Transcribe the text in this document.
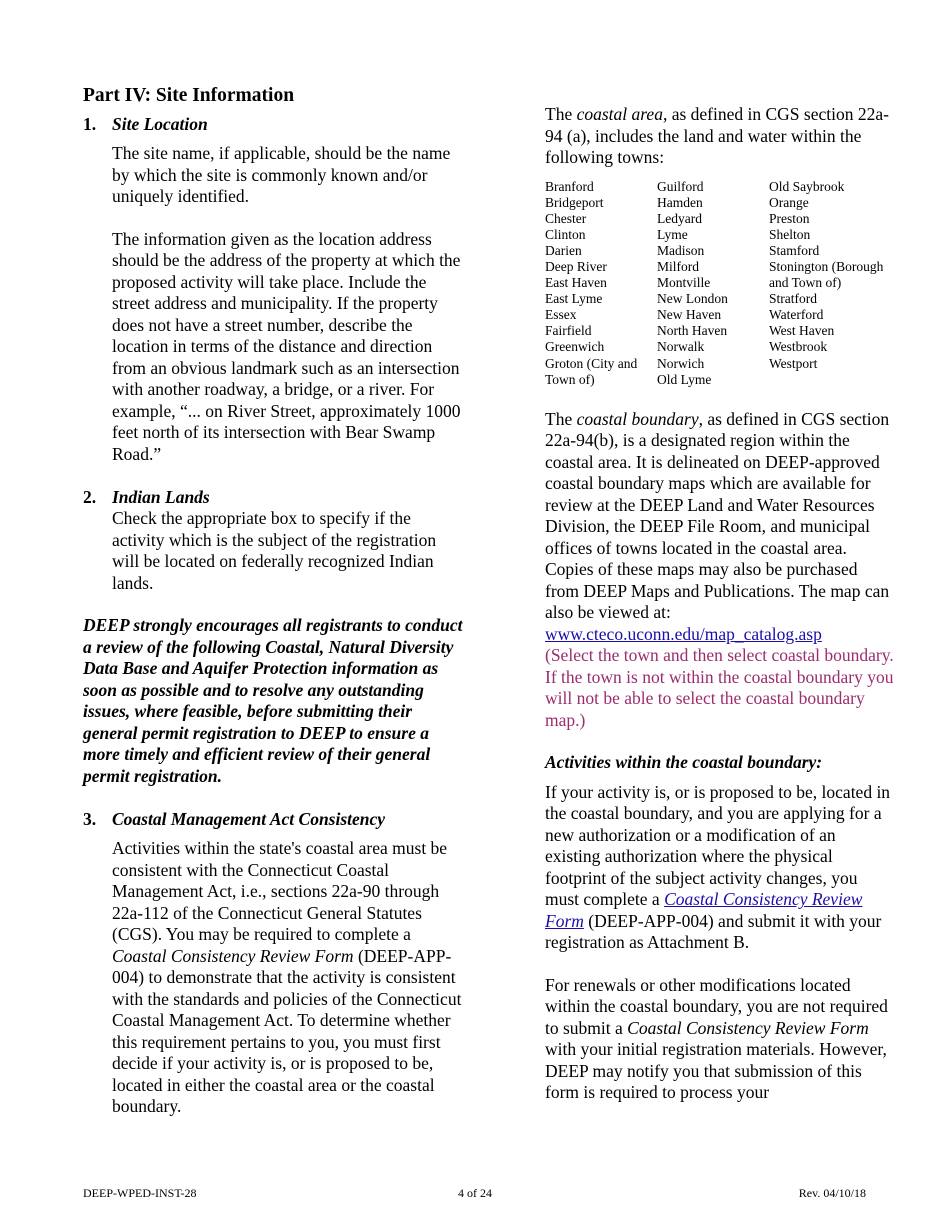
Part IV: Site Information
1. Site Location

The site name, if applicable, should be the name by which the site is commonly known and/or uniquely identified.

The information given as the location address should be the address of the property at which the proposed activity will take place. Include the street address and municipality. If the property does not have a street number, describe the location in terms of the distance and direction from an obvious landmark such as an intersection with another roadway, a bridge, or a river. For example, “... on River Street, approximately 1000 feet north of its intersection with Bear Swamp Road.”

2. Indian Lands

Check the appropriate box to specify if the activity which is the subject of the registration will be located on federally recognized Indian lands.

DEEP strongly encourages all registrants to conduct a review of the following Coastal, Natural Diversity Data Base and Aquifer Protection information as soon as possible and to resolve any outstanding issues, where feasible, before submitting their general permit registration to DEEP to ensure a more timely and efficient review of their general permit registration.

3. Coastal Management Act Consistency

Activities within the state's coastal area must be consistent with the Connecticut Coastal Management Act, i.e., sections 22a-90 through 22a-112 of the Connecticut General Statutes (CGS). You may be required to complete a Coastal Consistency Review Form (DEEP-APP-004) to demonstrate that the activity is consistent with the standards and policies of the Connecticut Coastal Management Act. To determine whether this requirement pertains to you, you must first decide if your activity is, or is proposed to be, located in either the coastal area or the coastal boundary.

The coastal area, as defined in CGS section 22a-94 (a), includes the land and water within the following towns:

Branford
Bridgeport
Chester
Clinton
Darien
Deep River
East Haven
East Lyme
Essex
Fairfield
Greenwich
Groton (City and Town of)
Guilford
Hamden
Ledyard
Lyme
Madison
Milford
Montville
New London
New Haven
North Haven
Norwalk
Norwich
Old Lyme
Old Saybrook
Orange
Preston
Shelton
Stamford
Stonington (Borough and Town of)
Stratford
Waterford
West Haven
Westbrook
Westport

The coastal boundary, as defined in CGS section 22a-94(b), is a designated region within the coastal area. It is delineated on DEEP-approved coastal boundary maps which are available for review at the DEEP Land and Water Resources Division, the DEEP File Room, and municipal offices of towns located in the coastal area. Copies of these maps may also be purchased from DEEP Maps and Publications. The map can also be viewed at: www.cteco.uconn.edu/map_catalog.asp
(Select the town and then select coastal boundary. If the town is not within the coastal boundary you will not be able to select the coastal boundary map.)

Activities within the coastal boundary:

If your activity is, or is proposed to be, located in the coastal boundary, and you are applying for a new authorization or a modification of an existing authorization where the physical footprint of the subject activity changes, you must complete a Coastal Consistency Review Form (DEEP-APP-004) and submit it with your registration as Attachment B.

For renewals or other modifications located within the coastal boundary, you are not required to submit a Coastal Consistency Review Form with your initial registration materials. However, DEEP may notify you that submission of this form is required to process your

DEEP-WPED-INST-28	4 of 24	Rev. 04/10/18
